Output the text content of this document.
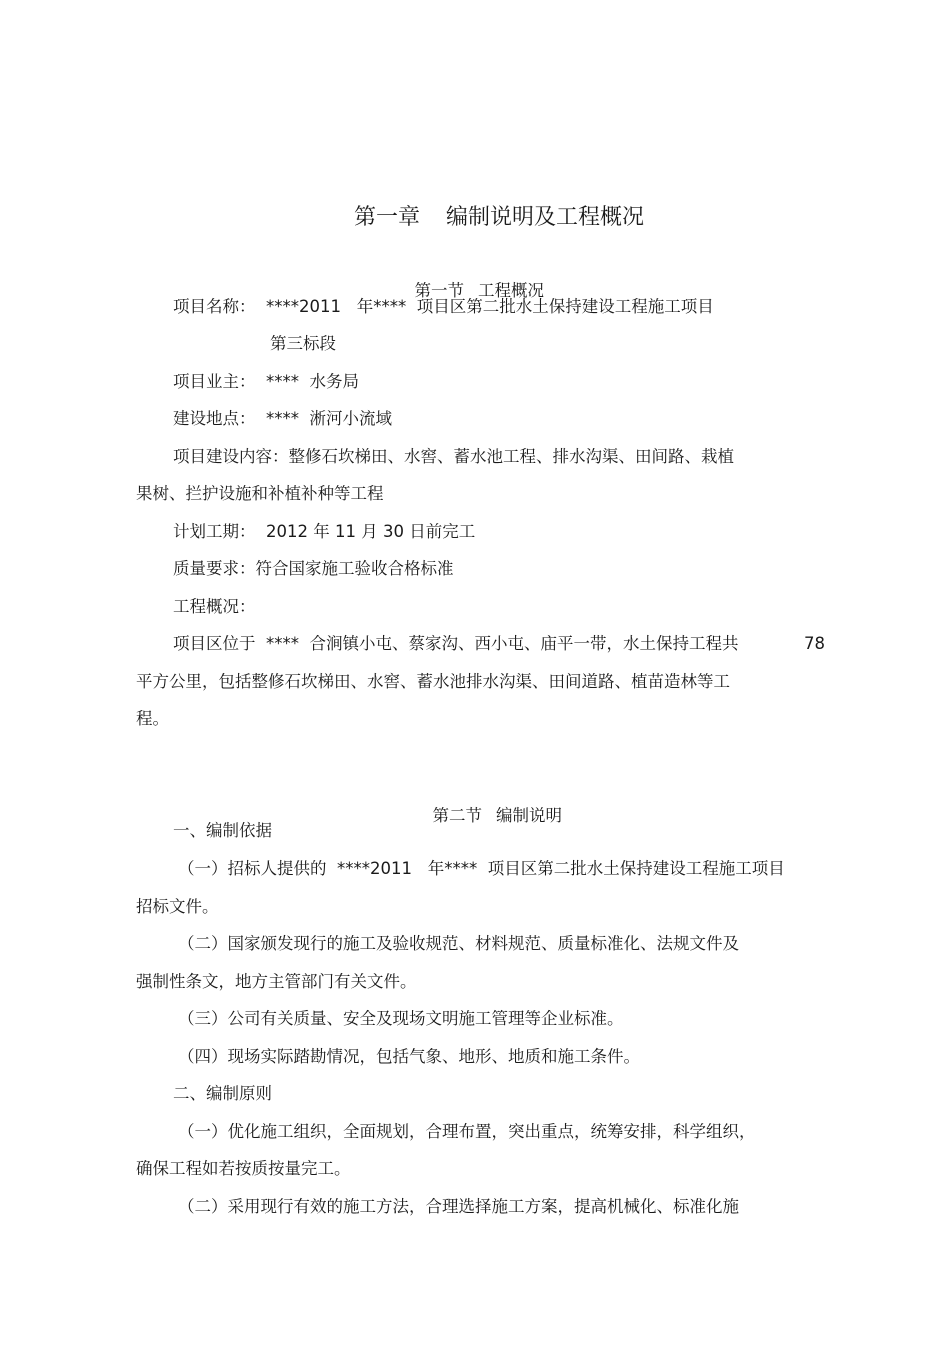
第一章 编制说明及工程概况

第一节 工程概况

项目名称：  ****2011   年****  项目区第二批水土保持建设工程施工项目
第三标段
项目业主：  ****  水务局
建设地点：  ****  淅河小流域
项目建设内容：整修石坎梯田、水窖、蓄水池工程、排水沟渠、田间路、栽植
果树、拦护设施和补植补种等工程
计划工期：  2012 年 11 月 30 日前完工
质量要求：符合国家施工验收合格标准
工程概况：
项目区位于  ****  合涧镇小屯、蔡家沟、西小屯、庙平一带，水土保持工程共	78
平方公里，包括整修石坎梯田、水窖、蓄水池排水沟渠、田间道路、植苗造林等工
程。

第二节 编制说明

一、编制依据
（一）招标人提供的  ****2011   年****  项目区第二批水土保持建设工程施工项目
招标文件。
（二）国家颁发现行的施工及验收规范、材料规范、质量标准化、法规文件及
强制性条文，地方主管部门有关文件。
（三）公司有关质量、安全及现场文明施工管理等企业标准。
（四）现场实际踏勘情况，包括气象、地形、地质和施工条件。
二、编制原则
（一）优化施工组织，全面规划，合理布置，突出重点，统筹安排，科学组织，
确保工程如若按质按量完工。
（二）采用现行有效的施工方法，合理选择施工方案，提高机械化、标准化施
